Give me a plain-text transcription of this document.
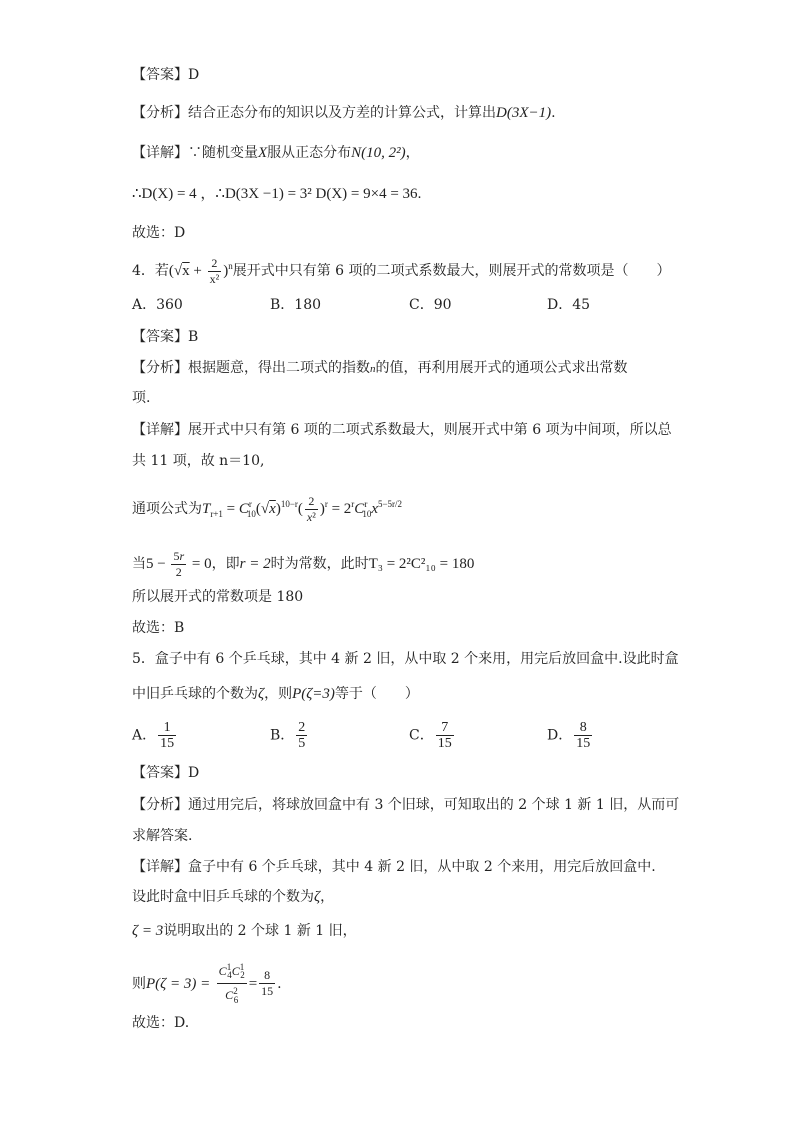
【答案】D
【分析】结合正态分布的知识以及方差的计算公式，计算出D(3X−1).
【详解】∵随机变量X服从正态分布N(10, 2²)，
∴D(X) = 4 ，∴D(3X −1) = 3² D(X) = 9×4 = 36.
故选：D
4．若$(√x + \frac{2}{\text{x²}} )^n$展开式中只有第 6 项的二项式系数最大，则展开式的常数项是（　　）
A．360	B．180	C．90	D．45
【答案】B
【分析】根据题意，得出二项式的指数n的值，再利用展开式的通项公式求出常数
项.
【详解】展开式中只有第 6 项的二项式系数最大，则展开式中第 6 项为中间项，所以总
共 11 项，故 n＝10,
通项公式为$T_{r+1} = C^r_{10}(√x)^{10-r}( \frac{2}{\text{x²}} )^r = 2^rC^r_{10}x^{5-5r/2}$
当$5 - \frac{5r}{2} = 0$，即r = 2时为常数，此时T₃ = 2²C²₁₀ = 180
所以展开式的常数项是 180
故选：B
5．盒子中有 6 个乒乓球，其中 4 新 2 旧，从中取 2 个来用，用完后放回盒中.设此时盒
中旧乒乓球的个数为ζ，则P(ζ=3)等于（　　）
A． $\frac{1}{15}$	B． $\frac{2}{5}$	C． $\frac{7}{15}$	D． $\frac{8}{15}$
【答案】D
【分析】通过用完后，将球放回盒中有 3 个旧球，可知取出的 2 个球 1 新 1 旧，从而可
求解答案.
【详解】盒子中有 6 个乒乓球，其中 4 新 2 旧，从中取 2 个来用，用完后放回盒中.
设此时盒中旧乒乓球的个数为ζ，
ζ = 3说明取出的 2 个球 1 新 1 旧，
则$P(\zeta = 3) = \frac{C^1_4C^1_2}{C^2_6} = \frac{8}{15}$ .
故选：D.
